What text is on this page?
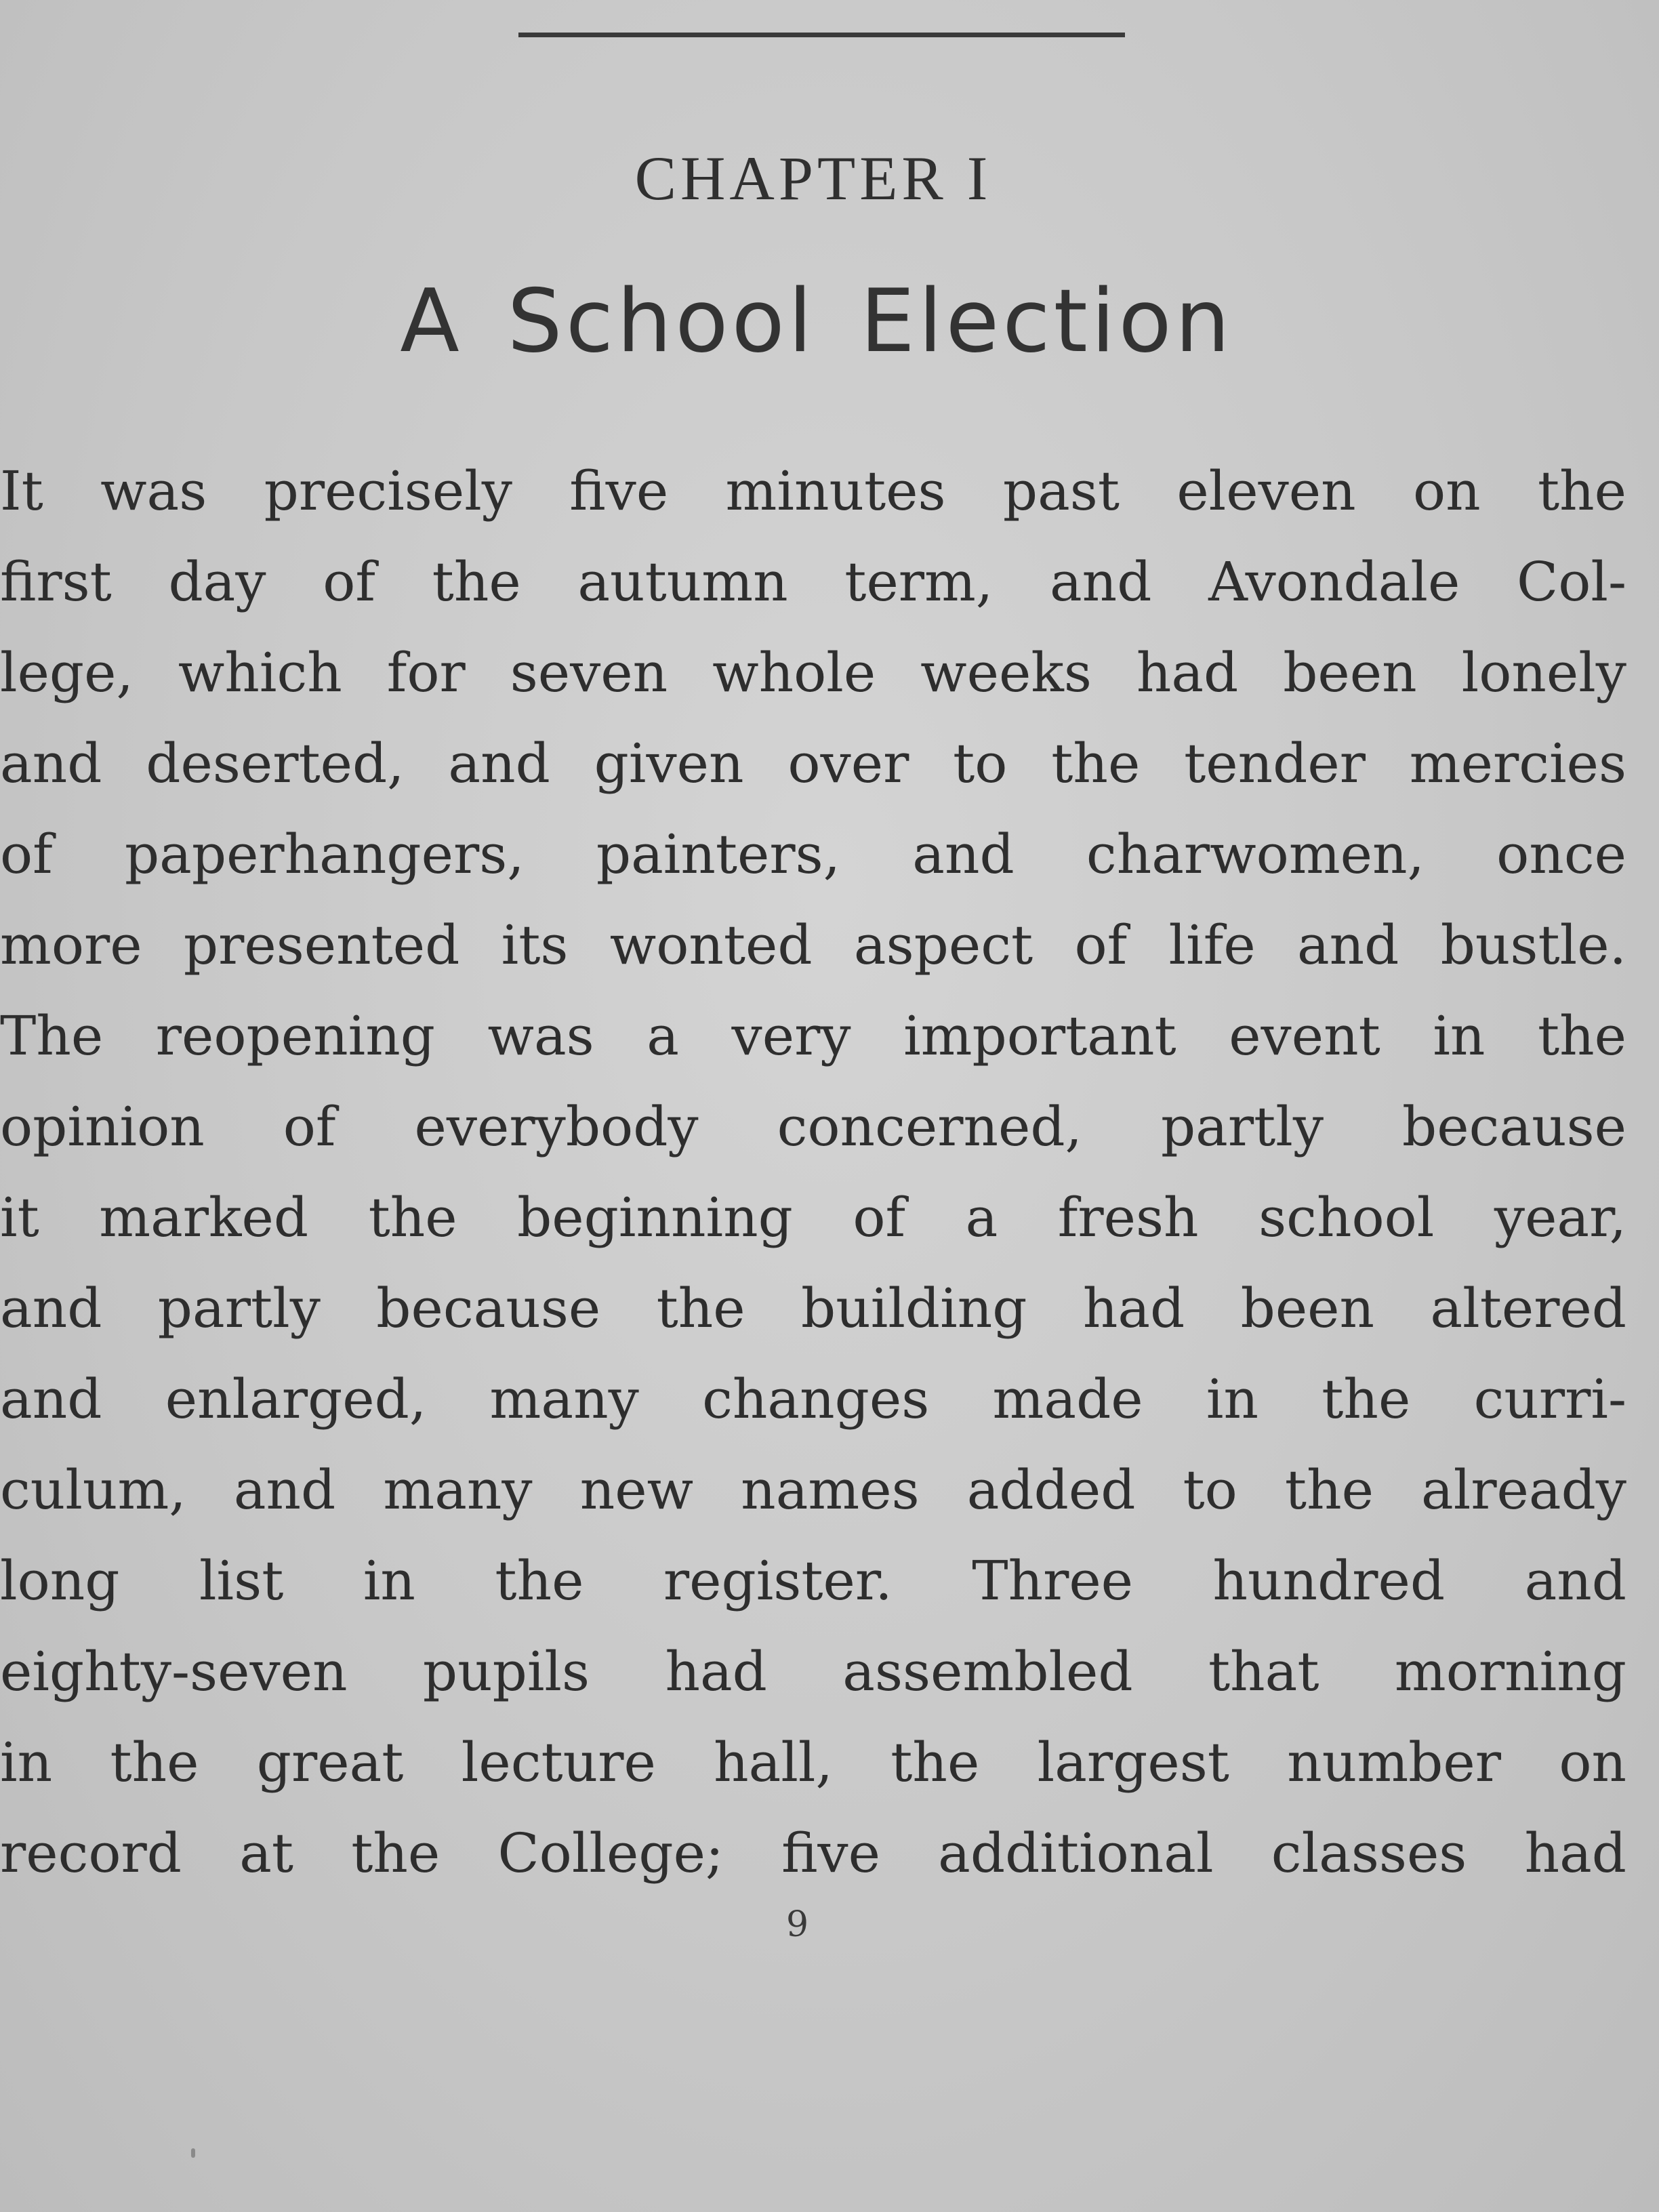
CHAPTER I
A School Election
It was precisely five minutes past eleven on the
first day of the autumn term, and Avondale Col-
lege, which for seven whole weeks had been lonely
and deserted, and given over to the tender mercies
of paperhangers, painters, and charwomen, once
more presented its wonted aspect of life and bustle.
The reopening was a very important event in the
opinion of everybody concerned, partly because
it marked the beginning of a fresh school year,
and partly because the building had been altered
and enlarged, many changes made in the curri-
culum, and many new names added to the already
long list in the register. Three hundred and
eighty-seven pupils had assembled that morning
in the great lecture hall, the largest number on
record at the College; five additional classes had
9
